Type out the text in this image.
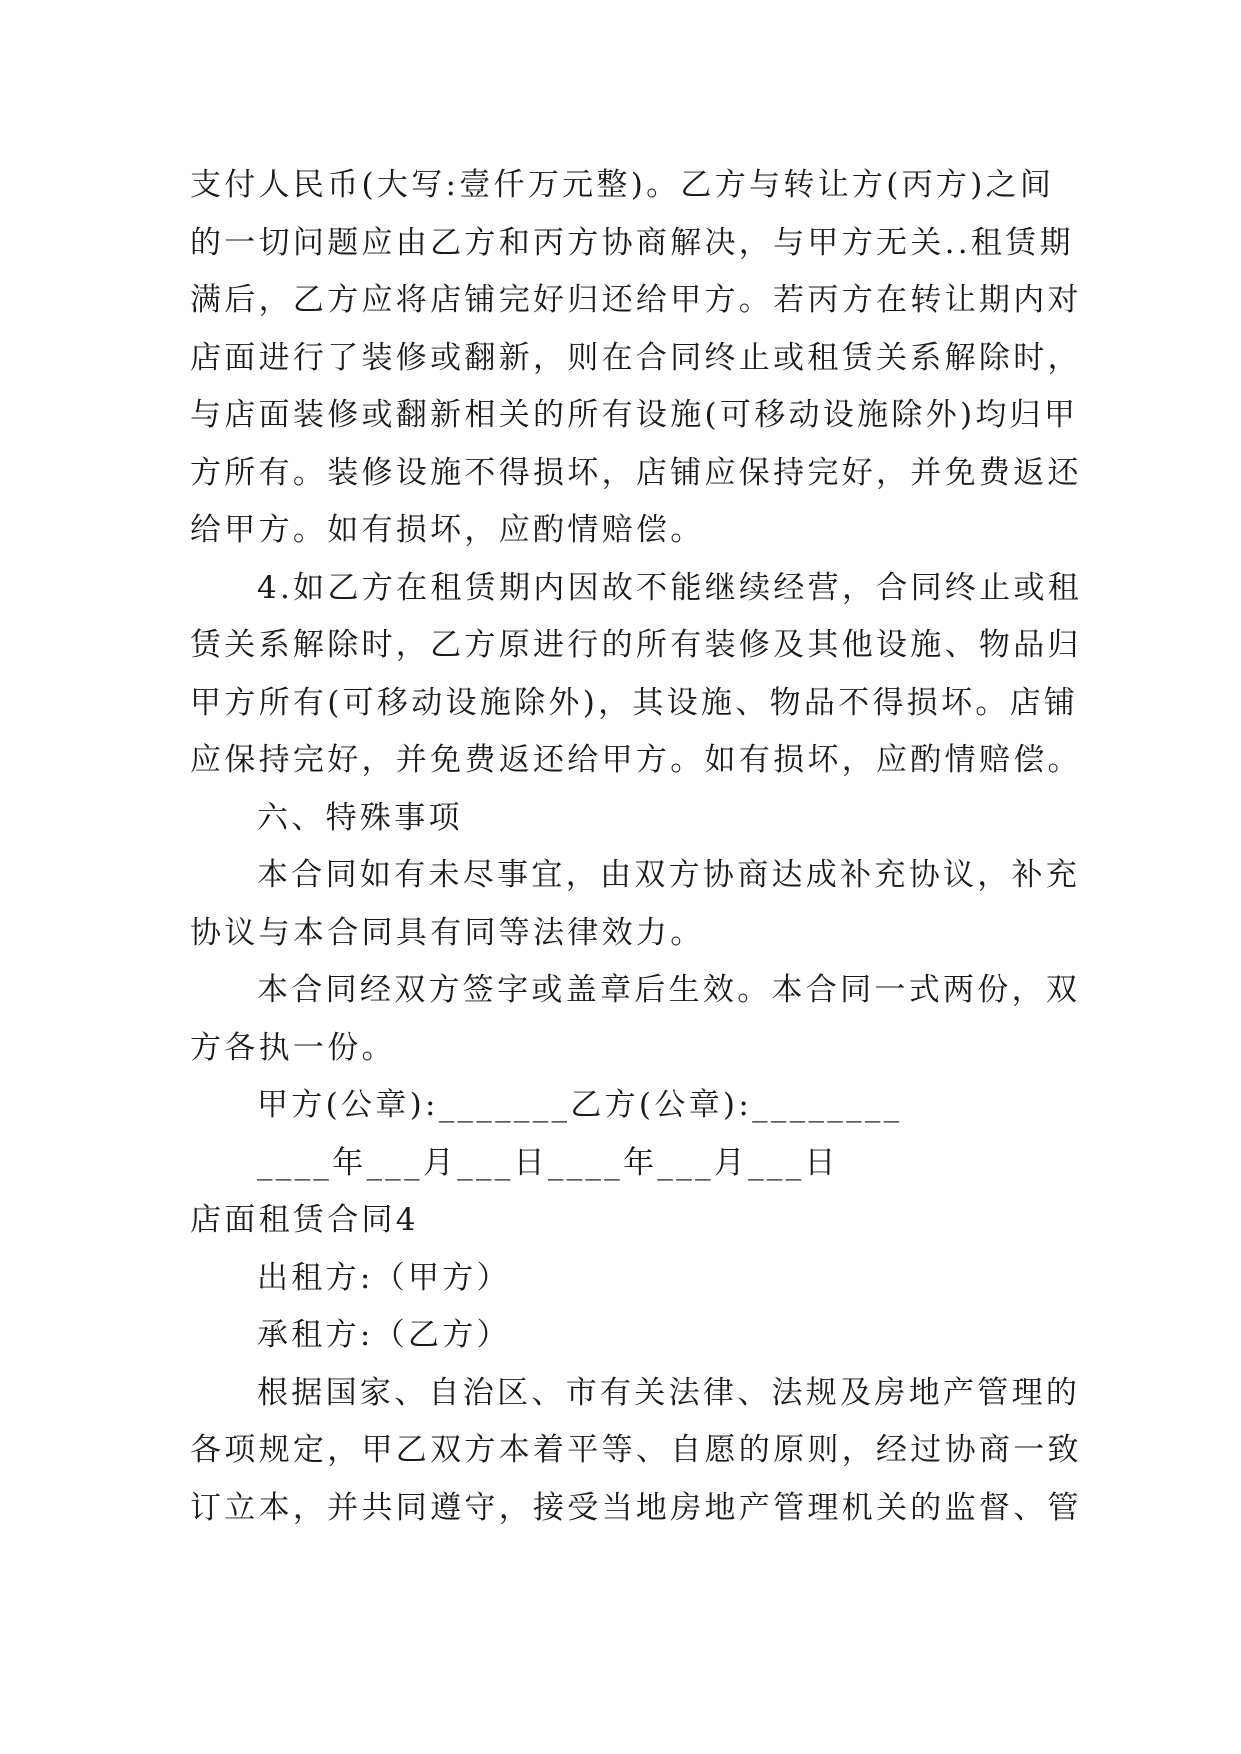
支付人民币(大写:壹仟万元整)。乙方与转让方(丙方)之间
的一切问题应由乙方和丙方协商解决，与甲方无关..租赁期
满后，乙方应将店铺完好归还给甲方。若丙方在转让期内对
店面进行了装修或翻新，则在合同终止或租赁关系解除时，
与店面装修或翻新相关的所有设施(可移动设施除外)均归甲
方所有。装修设施不得损坏，店铺应保持完好，并免费返还
给甲方。如有损坏，应酌情赔偿。
4.如乙方在租赁期内因故不能继续经营，合同终止或租
赁关系解除时，乙方原进行的所有装修及其他设施、物品归
甲方所有(可移动设施除外)，其设施、物品不得损坏。店铺
应保持完好，并免费返还给甲方。如有损坏，应酌情赔偿。
六、特殊事项
本合同如有未尽事宜，由双方协商达成补充协议，补充
协议与本合同具有同等法律效力。
本合同经双方签字或盖章后生效。本合同一式两份，双
方各执一份。
甲方(公章):_______乙方(公章):________
____年___月___日____年___月___日
店面租赁合同4
出租方:（甲方）
承租方:（乙方）
根据国家、自治区、市有关法律、法规及房地产管理的
各项规定，甲乙双方本着平等、自愿的原则，经过协商一致
订立本，并共同遵守，接受当地房地产管理机关的监督、管
